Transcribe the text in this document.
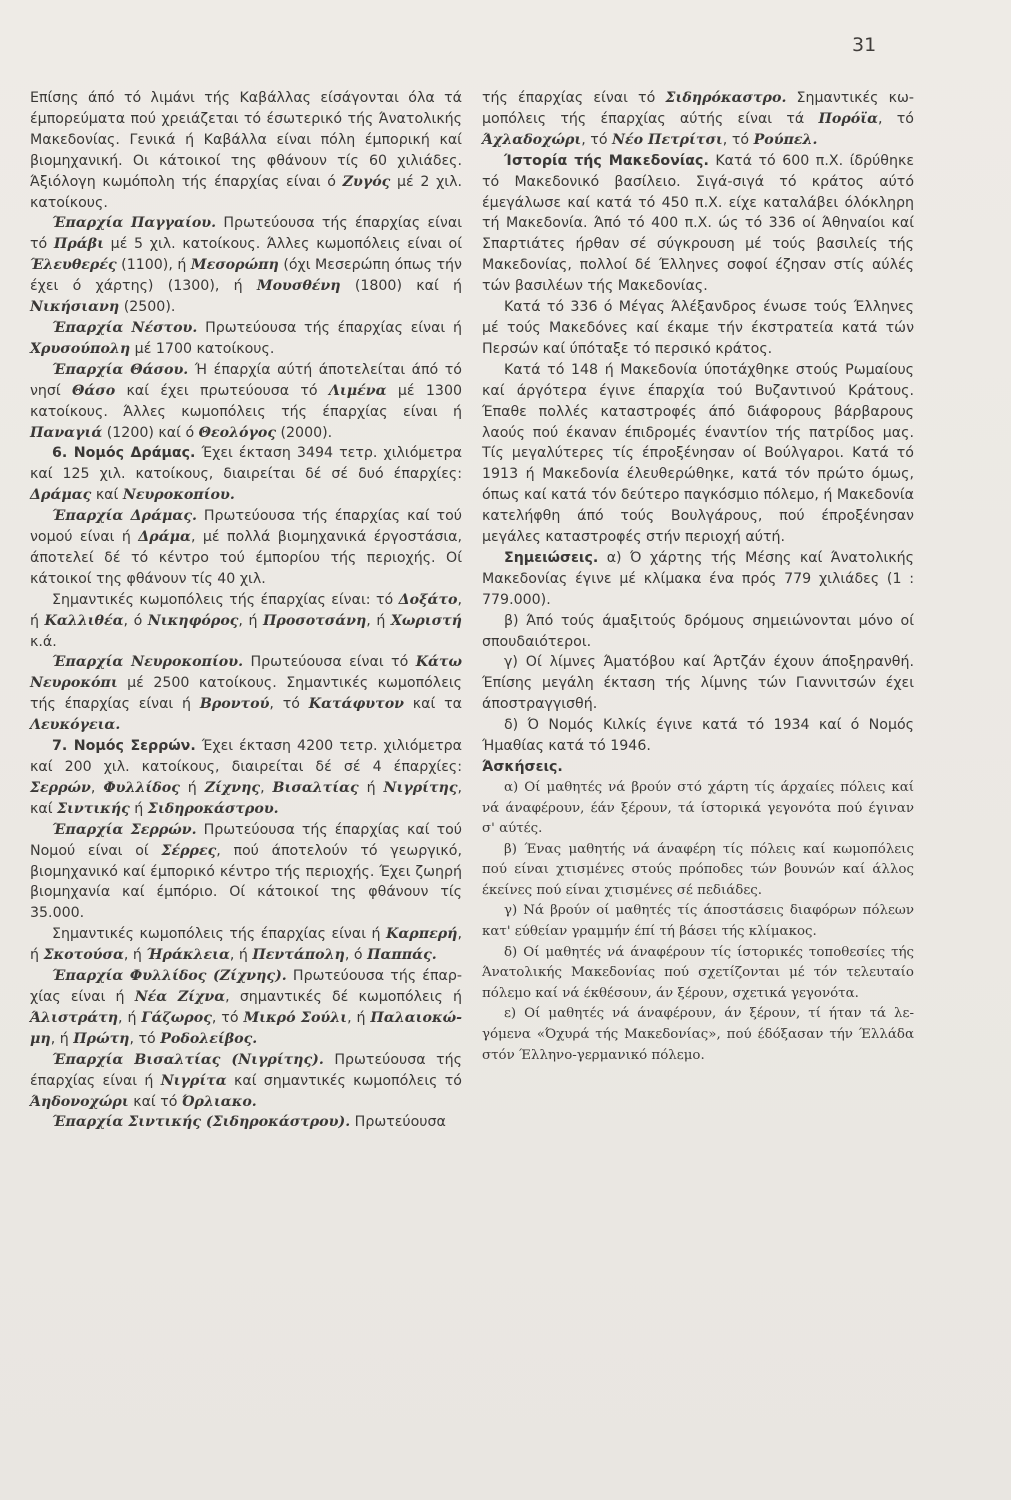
31

Επίσης άπό τό λιμάνι τής Καβάλλας είσάγονται όλα τά έμπορεύματα πού χρειάζεται τό έσωτερικό τής Άνατολικής Μακεδονίας. Γενικά ή Καβάλλα είναι πόλη έμπορική καί βιομηχανική. Οι κάτοικοί της φθάνουν τίς 60 χιλιάδες. Άξιόλογη κωμόπολη τής έπαρχίας είναι ό Ζυγός μέ 2 χιλ. κατοίκους.

Έπαρχία Παγγαίου. Πρωτεύουσα τής έπαρχίας είναι τό Πράβι μέ 5 χιλ. κατοίκους. Άλλες κωμοπόλεις είναι οί Έλευθερές (1100), ή Μεσορώπη (όχι Μεσερώπη όπως τήν έχει ό χάρτης) (1300), ή Μουσθένη (1800) καί ή Νικήσιανη (2500).

Έπαρχία Νέστου. Πρωτεύουσα τής έπαρχίας είναι ή Χρυσούπολη μέ 1700 κατοίκους.

Έπαρχία Θάσου. Ή έπαρχία αύτή άποτελείται άπό τό νησί Θάσο καί έχει πρωτεύουσα τό Λιμένα μέ 1300 κατοίκους. Άλλες κωμοπόλεις τής έπαρχίας είναι ή Παναγιά (1200) καί ό Θεολόγος (2000).

6. Νομός Δράμας. Έχει έκταση 3494 τετρ. χιλιόμετρα καί 125 χιλ. κατοίκους, διαιρείται δέ σέ δυό έπαρχίες: Δράμας καί Νευροκοπίου.

Έπαρχία Δράμας. Πρωτεύουσα τής έπαρχίας καί τού νομού είναι ή Δράμα, μέ πολλά βιομηχανικά έργοστάσια, άποτελεί δέ τό κέντρο τού έμπορίου τής περιοχής. Οί κάτοικοί της φθάνουν τίς 40 χιλ.

Σημαντικές κωμοπόλεις τής έπαρχίας είναι: τό Δοξάτο, ή Καλλιθέα, ό Νικηφόρος, ή Προσοτσάνη, ή Χωριστή κ.ά.

Έπαρχία Νευροκοπίου. Πρωτεύουσα είναι τό Κάτω Νευροκόπι μέ 2500 κατοίκους. Σημαντικές κωμοπόλεις τής έπαρχίας είναι ή Βροντού, τό Κατάφυτον καί τα Λευκόγεια.

7. Νομός Σερρών. Έχει έκταση 4200 τετρ. χιλιόμετρα καί 200 χιλ. κατοίκους, διαιρείται δέ σέ 4 έπαρχίες: Σερρών, Φυλλίδος ή Ζίχνης, Βισαλτίας ή Νιγρίτης, καί Σιντικής ή Σιδηροκάστρου.

Έπαρχία Σερρών. Πρωτεύουσα τής έπαρχίας καί τού Νομού είναι οί Σέρρες, πού άποτελούν τό γεωργικό, βιομηχανικό καί έμπορικό κέντρο τής περιοχής. Έχει ζωηρή βιομηχανία καί έμπόριο. Οί κάτοικοί της φθάνουν τίς 35.000.

Σημαντικές κωμοπόλεις τής έπαρχίας είναι ή Καρπερή, ή Σκοτούσα, ή Ήράκλεια, ή Πεντάπολη, ό Παππάς.

Έπαρχία Φυλλίδος (Ζίχνης). Πρωτεύουσα τής έπαρχίας είναι ή Νέα Ζίχνα, σημαντικές δέ κωμοπόλεις ή Άλιστράτη, ή Γάζωρος, τό Μικρό Σούλι, ή Παλαιοκώμη, ή Πρώτη, τό Ροδολείβος.

Έπαρχία Βισαλτίας (Νιγρίτης). Πρωτεύουσα τής έπαρχίας είναι ή Νιγρίτα καί σημαντικές κωμοπόλεις τό Άηδονοχώρι καί τό Όρλιακο.

Έπαρχία Σιντικής (Σιδηροκάστρου). Πρωτεύουσα

τής έπαρχίας είναι τό Σιδηρόκαστρο. Σημαντικές κωμοπόλεις τής έπαρχίας αύτής είναι τά Πορόϊα, τό Άχλαδοχώρι, τό Νέο Πετρίτσι, τό Ρούπελ.

Ίστορία τής Μακεδονίας. Κατά τό 600 π.Χ. ίδρύθηκε τό Μακεδονικό βασίλειο. Σιγά-σιγά τό κράτος αύτό έμεγάλωσε καί κατά τό 450 π.Χ. είχε καταλάβει όλόκληρη τή Μακεδονία. Άπό τό 400 π.Χ. ώς τό 336 οί Άθηναίοι καί Σπαρτιάτες ήρθαν σέ σύγκρουση μέ τούς βασιλείς τής Μακεδονίας, πολλοί δέ Έλληνες σοφοί έζησαν στίς αύλές τών βασιλέων τής Μακεδονίας.

Κατά τό 336 ό Μέγας Άλέξανδρος ένωσε τούς Έλληνες μέ τούς Μακεδόνες καί έκαμε τήν έκστρατεία κατά τών Περσών καί ύπόταξε τό περσικό κράτος.

Κατά τό 148 ή Μακεδονία ύποτάχθηκε στούς Ρωμαίους καί άργότερα έγινε έπαρχία τού Βυζαντινού Κράτους. Έπαθε πολλές καταστροφές άπό διάφορους βάρβαρους λαούς πού έκαναν έπιδρομές έναντίον τής πατρίδος μας. Τίς μεγαλύτερες τίς έπροξένησαν οί Βούλγαροι. Κατά τό 1913 ή Μακεδονία έλευθερώθηκε, κατά τόν πρώτο όμως, όπως καί κατά τόν δεύτερο παγκόσμιο πόλεμο, ή Μακεδονία κατελήφθη άπό τούς Βουλγάρους, πού έπροξένησαν μεγάλες καταστροφές στήν περιοχή αύτή.

Σημειώσεις. α) Ό χάρτης τής Μέσης καί Άνατολικής Μακεδονίας έγινε μέ κλίμακα ένα πρός 779 χιλιάδες (1 : 779.000).

β) Άπό τούς άμαξιτούς δρόμους σημειώνονται μόνο οί σπουδαιότεροι.

γ) Οί λίμνες Άματόβου καί Άρτζάν έχουν άποξηρανθή. Έπίσης μεγάλη έκταση τής λίμνης τών Γιαννιτσών έχει άποστραγγισθή.

δ) Ό Νομός Κιλκίς έγινε κατά τό 1934 καί ό Νομός Ήμαθίας κατά τό 1946.

Άσκήσεις.

α) Οί μαθητές νά βρούν στό χάρτη τίς άρχαίες πόλεις καί νά άναφέρουν, έάν ξέρουν, τά ίστορικά γεγονότα πού έγιναν σ' αύτές.

β) Ένας μαθητής νά άναφέρη τίς πόλεις καί κωμοπόλεις πού είναι χτισμένες στούς πρόποδες τών βουνών καί άλλος έκείνες πού είναι χτισμένες σέ πεδιάδες.

γ) Νά βρούν οί μαθητές τίς άποστάσεις διαφόρων πόλεων κατ' εύθείαν γραμμήν έπί τή βάσει τής κλίμακος.

δ) Οί μαθητές νά άναφέρουν τίς ίστορικές τοποθεσίες τής Άνατολικής Μακεδονίας πού σχετίζονται μέ τόν τελευταίο πόλεμο καί νά έκθέσουν, άν ξέρουν, σχετικά γεγονότα.

ε) Οί μαθητές νά άναφέρουν, άν ξέρουν, τί ήταν τά λεγόμενα «Όχυρά τής Μακεδονίας», πού έδόξασαν τήν Έλλάδα στόν Έλληνο-γερμανικό πόλεμο.
